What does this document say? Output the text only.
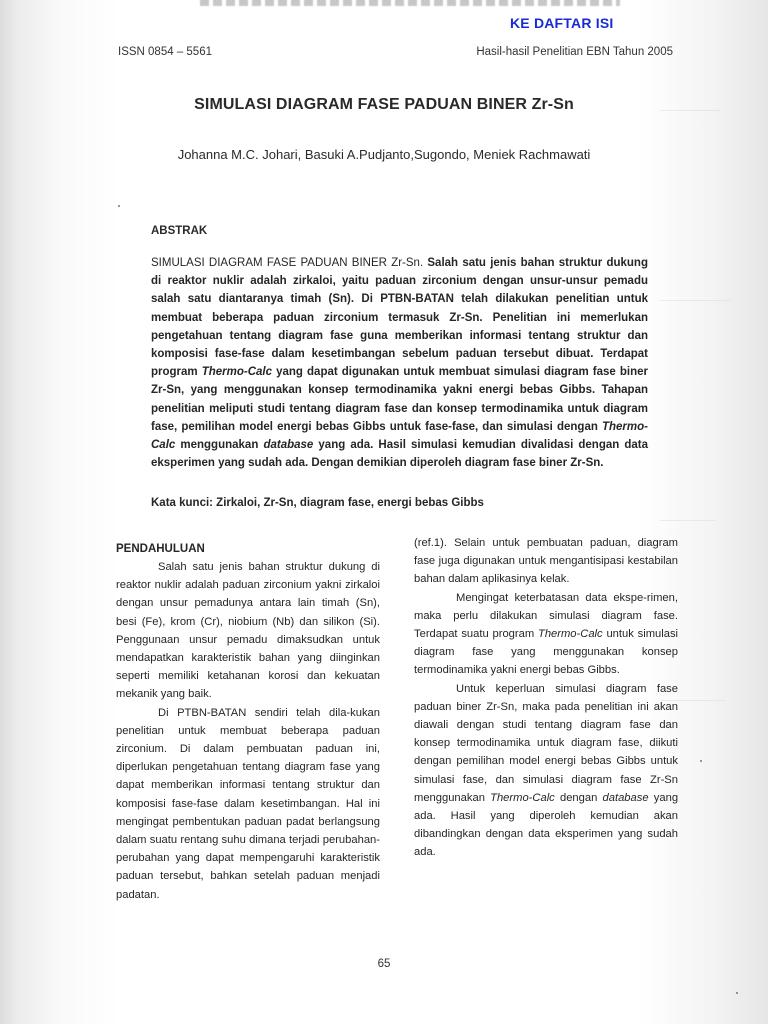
KE DAFTAR ISI
ISSN 0854 – 5561	Hasil-hasil Penelitian EBN Tahun 2005
SIMULASI DIAGRAM FASE PADUAN BINER Zr-Sn
Johanna M.C. Johari, Basuki A.Pudjanto,Sugondo, Meniek Rachmawati
ABSTRAK
SIMULASI DIAGRAM FASE PADUAN BINER Zr-Sn. Salah satu jenis bahan struktur dukung di reaktor nuklir adalah zirkaloi, yaitu paduan zirconium dengan unsur-unsur pemadu salah satu diantaranya timah (Sn). Di PTBN-BATAN telah dilakukan penelitian untuk membuat beberapa paduan zirconium termasuk Zr-Sn. Penelitian ini memerlukan pengetahuan tentang diagram fase guna memberikan informasi tentang struktur dan komposisi fase-fase dalam kesetimbangan sebelum paduan tersebut dibuat. Terdapat program Thermo-Calc yang dapat digunakan untuk membuat simulasi diagram fase biner Zr-Sn, yang menggunakan konsep termodinamika yakni energi bebas Gibbs. Tahapan penelitian meliputi studi tentang diagram fase dan konsep termodinamika untuk diagram fase, pemilihan model energi bebas Gibbs untuk fase-fase, dan simulasi dengan Thermo-Calc menggunakan database yang ada. Hasil simulasi kemudian divalidasi dengan data eksperimen yang sudah ada. Dengan demikian diperoleh diagram fase biner Zr-Sn.
Kata kunci: Zirkaloi, Zr-Sn, diagram fase, energi bebas Gibbs
PENDAHULUAN

Salah satu jenis bahan struktur dukung di reaktor nuklir adalah paduan zirconium yakni zirkaloi dengan unsur pemadunya antara lain timah (Sn), besi (Fe), krom (Cr), niobium (Nb) dan silikon (Si). Penggunaan unsur pemadu dimaksudkan untuk mendapatkan karakteristik bahan yang diinginkan seperti memiliki ketahanan korosi dan kekuatan mekanik yang baik.

Di PTBN-BATAN sendiri telah dila-kukan penelitian untuk membuat beberapa paduan zirconium. Di dalam pembuatan paduan ini, diperlukan pengetahuan tentang diagram fase yang dapat memberikan informasi tentang struktur dan komposisi fase-fase dalam kesetimbangan. Hal ini mengingat pembentukan paduan padat berlangsung dalam suatu rentang suhu dimana terjadi perubahan-perubahan yang dapat mempengaruhi karakteristik paduan tersebut, bahkan setelah paduan menjadi padatan.

(ref.1). Selain untuk pembuatan paduan, diagram fase juga digunakan untuk mengantisipasi kestabilan bahan dalam aplikasinya kelak.

Mengingat keterbatasan data ekspe-rimen, maka perlu dilakukan simulasi diagram fase. Terdapat suatu program Thermo-Calc untuk simulasi diagram fase yang menggunakan konsep termodinamika yakni energi bebas Gibbs.

Untuk keperluan simulasi diagram fase paduan biner Zr-Sn, maka pada penelitian ini akan diawali dengan studi tentang diagram fase dan konsep termodinamika untuk diagram fase, diikuti dengan pemilihan model energi bebas Gibbs untuk simulasi fase, dan simulasi diagram fase Zr-Sn menggunakan Thermo-Calc dengan database yang ada. Hasil yang diperoleh kemudian akan dibandingkan dengan data eksperimen yang sudah ada.

65
